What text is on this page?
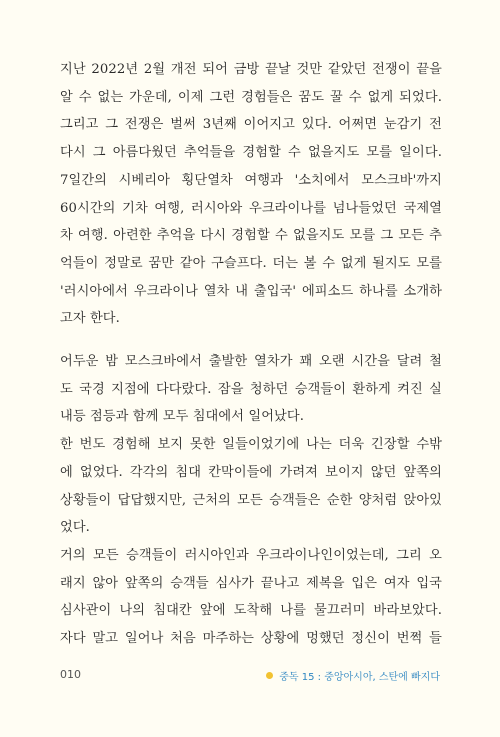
지난 2022년 2월 개전 되어 금방 끝날 것만 같았던 전쟁이 끝을
알 수 없는 가운데, 이제 그런 경험들은 꿈도 꿀 수 없게 되었다.
그리고 그 전쟁은 벌써 3년째 이어지고 있다. 어쩌면 눈감기 전
다시 그 아름다웠던 추억들을 경험할 수 없을지도 모를 일이다.
7일간의 시베리아 횡단열차 여행과 '소치에서 모스크바'까지
60시간의 기차 여행, 러시아와 우크라이나를 넘나들었던 국제열
차 여행. 아련한 추억을 다시 경험할 수 없을지도 모를 그 모든 추
억들이 정말로 꿈만 같아 구슬프다. 더는 볼 수 없게 될지도 모를
'러시아에서 우크라이나 열차 내 출입국' 에피소드 하나를 소개하
고자 한다.
어두운 밤 모스크바에서 출발한 열차가 꽤 오랜 시간을 달려 철
도 국경 지점에 다다랐다. 잠을 청하던 승객들이 환하게 켜진 실
내등 점등과 함께 모두 침대에서 일어났다.
한 번도 경험해 보지 못한 일들이었기에 나는 더욱 긴장할 수밖
에 없었다. 각각의 침대 칸막이들에 가려져 보이지 않던 앞쪽의
상황들이 답답했지만, 근처의 모든 승객들은 순한 양처럼 앉아있
었다.
거의 모든 승객들이 러시아인과 우크라이나인이었는데, 그리 오
래지 않아 앞쪽의 승객들 심사가 끝나고 제복을 입은 여자 입국
심사관이 나의 침대칸 앞에 도착해 나를 물끄러미 바라보았다.
자다 말고 일어나 처음 마주하는 상황에 멍했던 정신이 번쩍 들
010	중독 15 : 중앙아시아, 스탄에 빠지다
